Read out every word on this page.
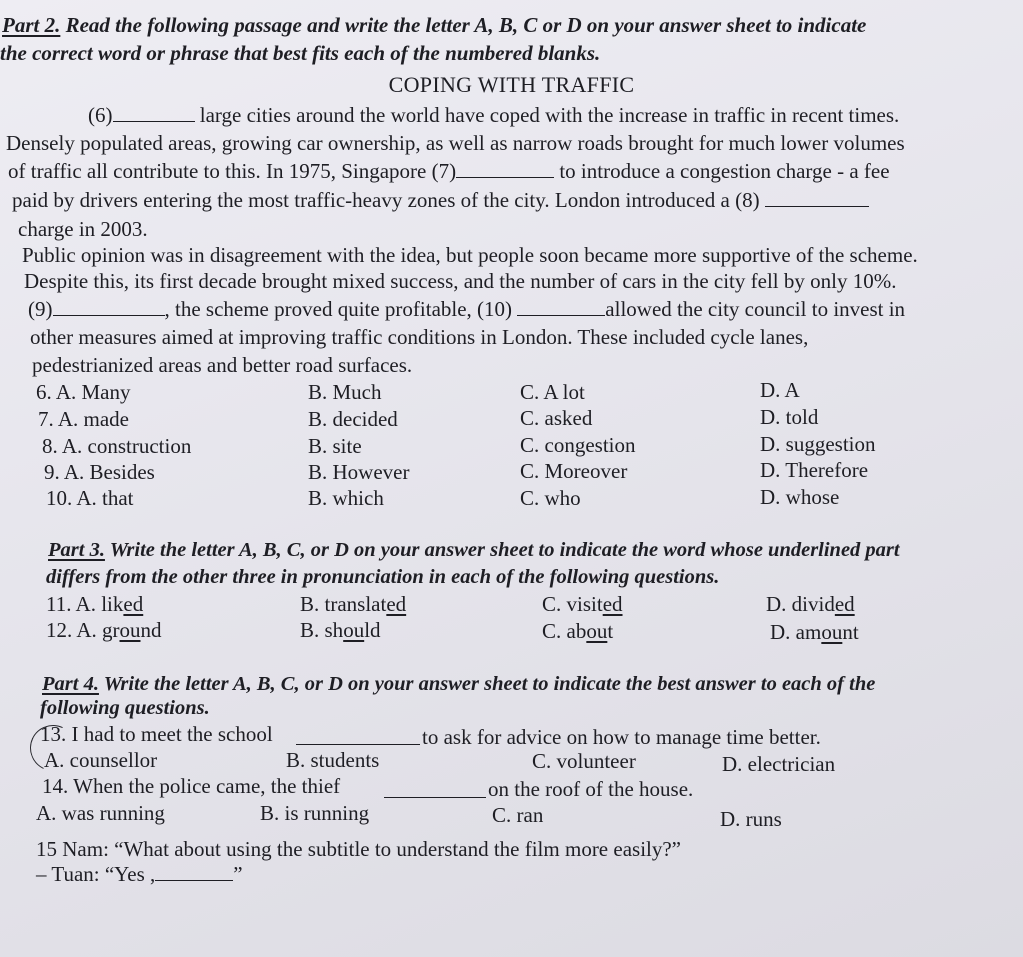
Part 2. Read the following passage and write the letter A, B, C or D on your answer sheet to indicate
the correct word or phrase that best fits each of the numbered blanks.
COPING WITH TRAFFIC
(6)	large cities around the world have coped with the increase in traffic in recent times.
Densely populated areas, growing car ownership, as well as narrow roads brought for much lower volumes
of traffic all contribute to this. In 1975, Singapore (7)	to introduce a congestion charge - a fee
paid by drivers entering the most traffic-heavy zones of the city. London introduced a (8)
charge in 2003.
Public opinion was in disagreement with the idea, but people soon became more supportive of the scheme.
Despite this, its first decade brought mixed success, and the number of cars in the city fell by only 10%.
(9)	, the scheme proved quite profitable, (10)	allowed the city council to invest in
other measures aimed at improving traffic conditions in London. These included cycle lanes,
pedestrianized areas and better road surfaces.
6. A. Many	B. Much	C. A lot	D. A
7. A. made	B. decided	C. asked	D. told
8. A. construction	B. site	C. congestion	D. suggestion
9. A. Besides	B. However	C. Moreover	D. Therefore
10. A. that	B. which	C. who	D. whose
Part 3. Write the letter A, B, C, or D on your answer sheet to indicate the word whose underlined part
differs from the other three in pronunciation in each of the following questions.
11. A. liked	B. translated	C. visited	D. divided
12. A. ground	B. should	C. about	D. amount
Part 4. Write the letter A, B, C, or D on your answer sheet to indicate the best answer to each of the
following questions.
13. I had to meet the school	to ask for advice on how to manage time better.
A. counsellor	B. students	C. volunteer	D. electrician
14. When the police came, the thief	on the roof of the house.
A. was running	B. is running	C. ran	D. runs
15 Nam: “What about using the subtitle to understand the film more easily?”
– Tuan: “Yes ,	”
